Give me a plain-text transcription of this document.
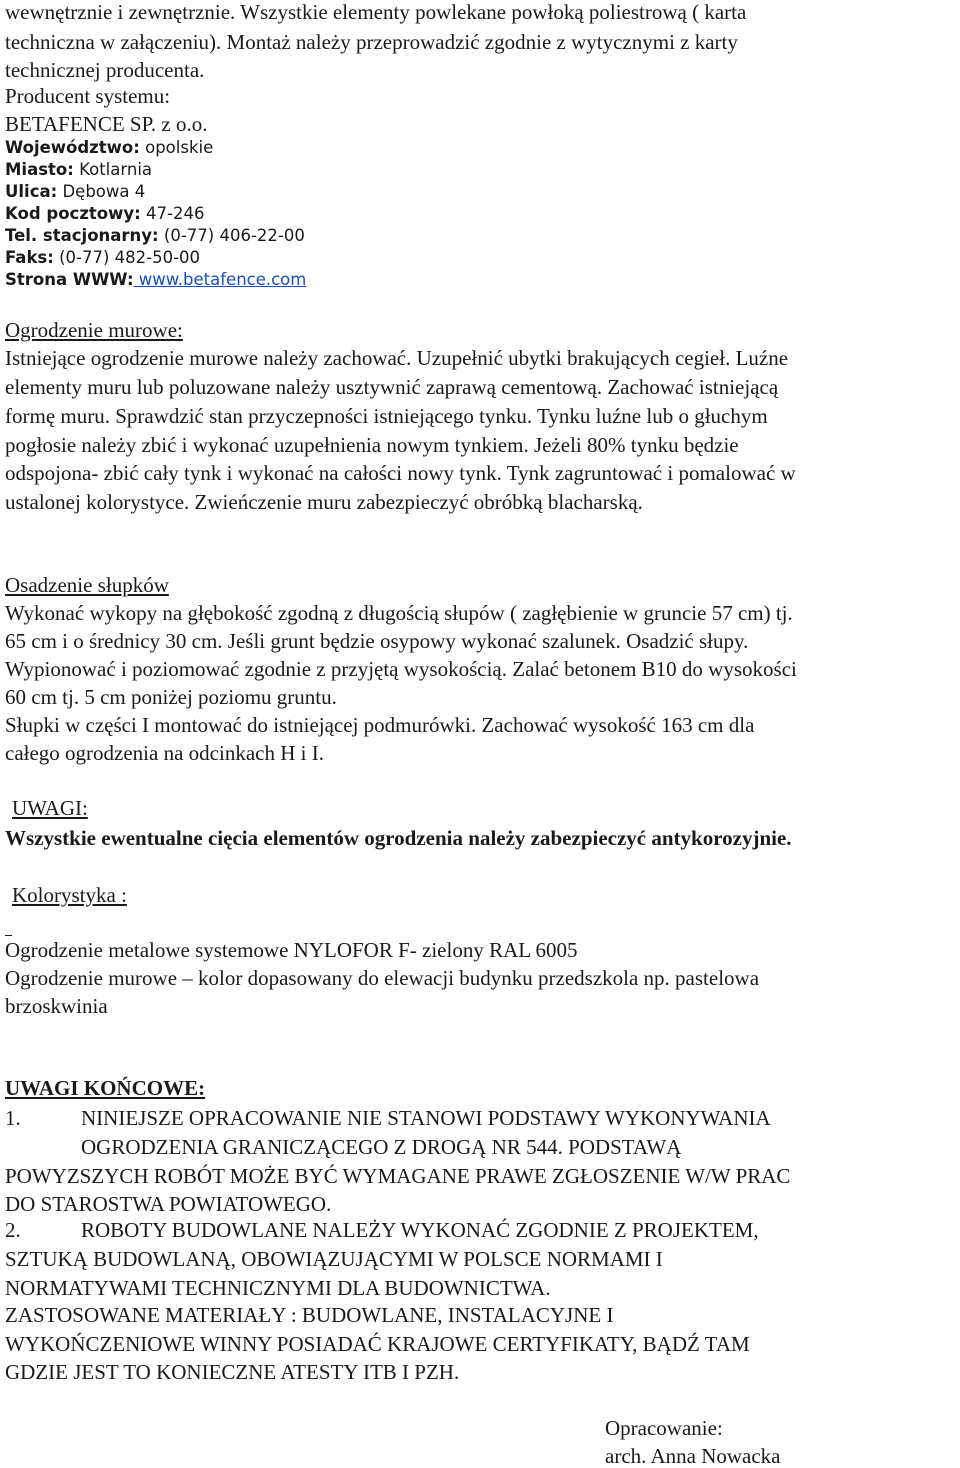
wewnętrznie i zewnętrznie. Wszystkie elementy powlekane powłoką poliestrową ( karta
techniczna w załączeniu). Montaż należy przeprowadzić zgodnie z wytycznymi z karty
technicznej producenta.
Producent systemu:
BETAFENCE SP. z o.o.
Województwo: opolskie
Miasto: Kotlarnia
Ulica: Dębowa 4
Kod pocztowy: 47-246
Tel. stacjonarny: (0-77) 406-22-00
Faks: (0-77) 482-50-00
Strona WWW: www.betafence.com
Ogrodzenie murowe:
Istniejące ogrodzenie murowe należy zachować. Uzupełnić ubytki brakujących cegieł. Luźne
elementy muru lub poluzowane należy usztywnić zaprawą cementową. Zachować istniejącą
formę muru. Sprawdzić stan przyczepności istniejącego tynku. Tynku luźne lub o głuchym
pogłosie należy zbić i wykonać uzupełnienia nowym tynkiem. Jeżeli 80% tynku będzie
odspojona- zbić cały tynk i wykonać na całości nowy tynk. Tynk zagruntować i pomalować w
ustalonej kolorystyce. Zwieńczenie muru zabezpieczyć obróbką blacharską.
Osadzenie słupków
Wykonać wykopy na głębokość zgodną z długością słupów ( zagłębienie w gruncie 57 cm) tj.
65 cm i o średnicy 30 cm. Jeśli grunt będzie osypowy wykonać szalunek. Osadzić słupy.
Wypionować i poziomować zgodnie z przyjętą wysokością. Zalać betonem B10 do wysokości
60 cm tj. 5 cm poniżej poziomu gruntu.
Słupki w części I montować do istniejącej podmurówki. Zachować wysokość 163 cm dla
całego ogrodzenia na odcinkach H i I.
UWAGI:
Wszystkie ewentualne cięcia elementów ogrodzenia należy zabezpieczyć antykorozyjnie.
Kolorystyka :
Ogrodzenie metalowe systemowe NYLOFOR F- zielony RAL 6005
Ogrodzenie murowe – kolor dopasowany do elewacji budynku przedszkola np. pastelowa
brzoskwinia
UWAGI KOŃCOWE:
1.	NINIEJSZE OPRACOWANIE NIE STANOWI PODSTAWY WYKONYWANIA
OGRODZENIA GRANICZĄCEGO Z DROGĄ NR 544. PODSTAWĄ
POWYZSZYCH ROBÓT MOŻE BYĆ WYMAGANE PRAWE ZGŁOSZENIE W/W PRAC
DO STAROSTWA POWIATOWEGO.
2.	ROBOTY BUDOWLANE NALEŻY WYKONAĆ ZGODNIE Z PROJEKTEM,
SZTUKĄ BUDOWLANĄ, OBOWIĄZUJĄCYMI W POLSCE NORMAMI I
NORMATYWAMI TECHNICZNYMI DLA BUDOWNICTWA.
ZASTOSOWANE MATERIAŁY : BUDOWLANE, INSTALACYJNE I
WYKOŃCZENIOWE WINNY POSIADAĆ KRAJOWE CERTYFIKATY, BĄDŹ TAM
GDZIE JEST TO KONIECZNE ATESTY ITB I PZH.
Opracowanie:
arch. Anna Nowacka
